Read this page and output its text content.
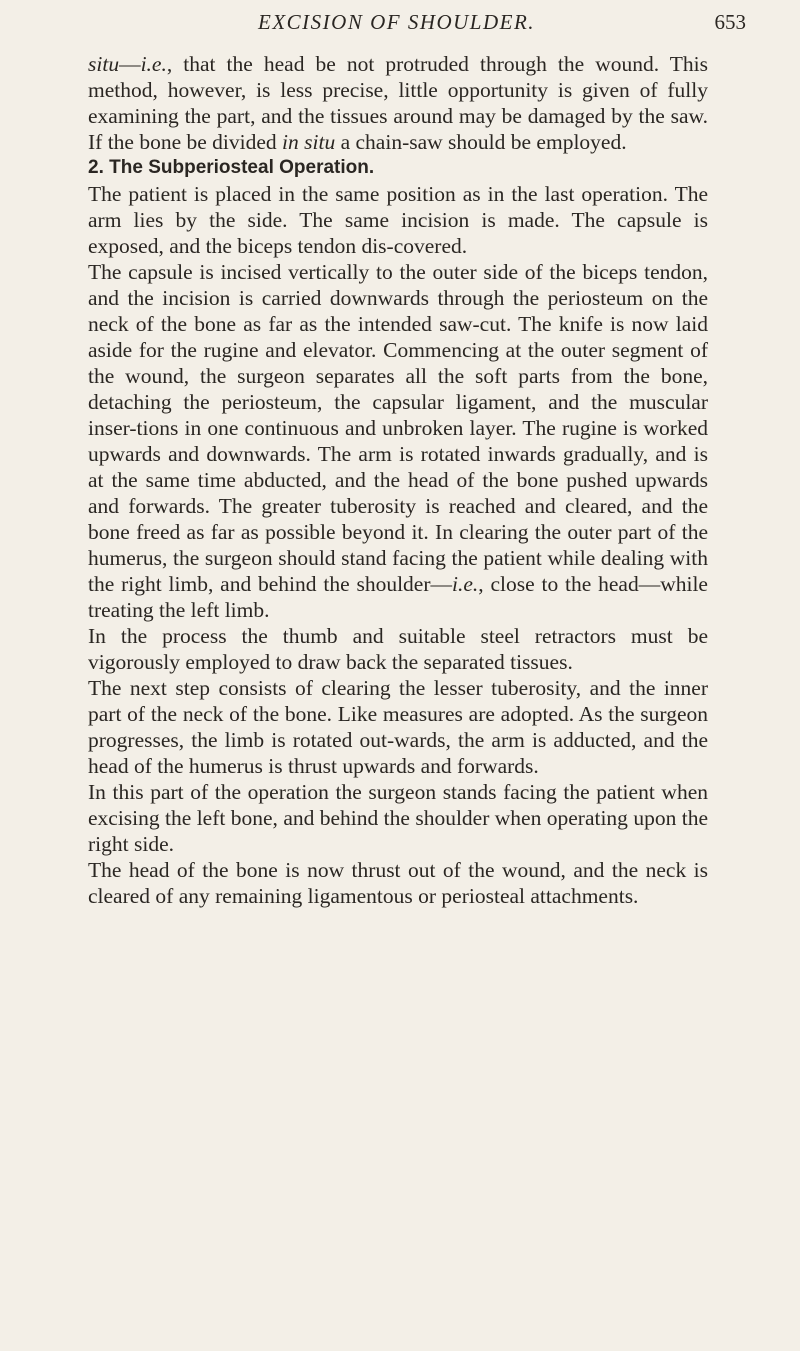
EXCISION OF SHOULDER.	653

situ—i.e., that the head be not protruded through the wound. This method, however, is less precise, little opportunity is given of fully examining the part, and the tissues around may be damaged by the saw. If the bone be divided in situ a chain-saw should be employed.

2. The Subperiosteal Operation.

The patient is placed in the same position as in the last operation. The arm lies by the side. The same incision is made. The capsule is exposed, and the biceps tendon dis-covered.

The capsule is incised vertically to the outer side of the biceps tendon, and the incision is carried downwards through the periosteum on the neck of the bone as far as the intended saw-cut. The knife is now laid aside for the rugine and elevator. Commencing at the outer segment of the wound, the surgeon separates all the soft parts from the bone, detaching the periosteum, the capsular ligament, and the muscular inser-tions in one continuous and unbroken layer. The rugine is worked upwards and downwards. The arm is rotated inwards gradually, and is at the same time abducted, and the head of the bone pushed upwards and forwards. The greater tuberosity is reached and cleared, and the bone freed as far as possible beyond it. In clearing the outer part of the humerus, the surgeon should stand facing the patient while dealing with the right limb, and behind the shoulder—i.e., close to the head—while treating the left limb.

In the process the thumb and suitable steel retractors must be vigorously employed to draw back the separated tissues.

The next step consists of clearing the lesser tuberosity, and the inner part of the neck of the bone. Like measures are adopted. As the surgeon progresses, the limb is rotated out-wards, the arm is adducted, and the head of the humerus is thrust upwards and forwards.

In this part of the operation the surgeon stands facing the patient when excising the left bone, and behind the shoulder when operating upon the right side.

The head of the bone is now thrust out of the wound, and the neck is cleared of any remaining ligamentous or periosteal attachments.
